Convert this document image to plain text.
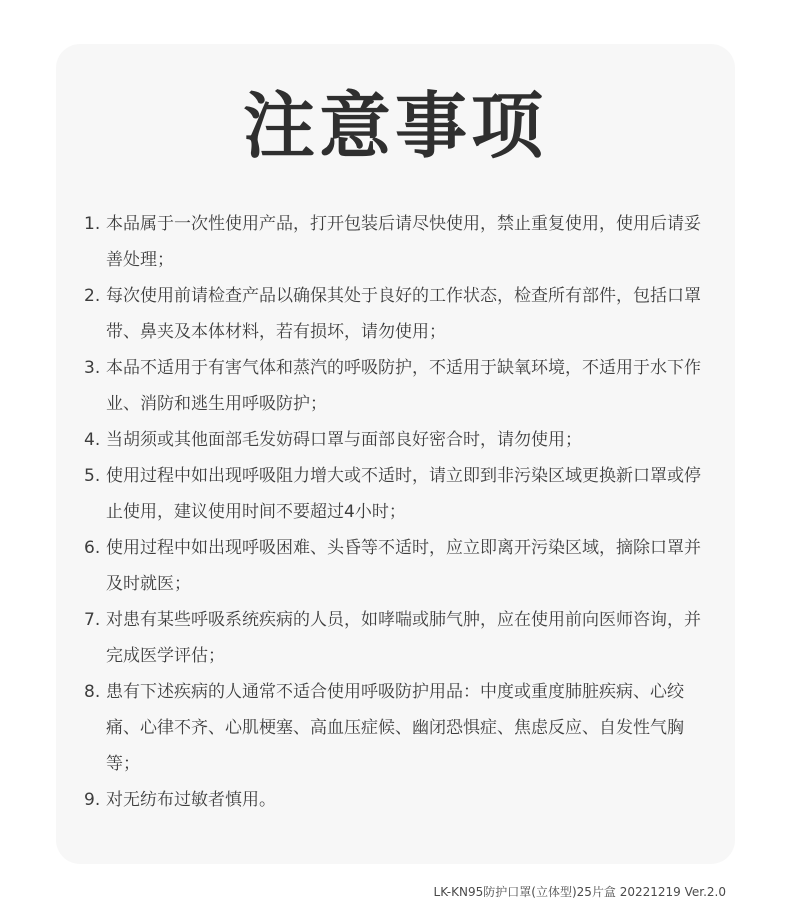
注意事项
1. 本品属于一次性使用产品，打开包装后请尽快使用，禁止重复使用，使用后请妥善处理；
2. 每次使用前请检查产品以确保其处于良好的工作状态，检查所有部件，包括口罩带、鼻夹及本体材料，若有损坏，请勿使用；
3. 本品不适用于有害气体和蒸汽的呼吸防护，不适用于缺氧环境，不适用于水下作业、消防和逃生用呼吸防护；
4. 当胡须或其他面部毛发妨碍口罩与面部良好密合时，请勿使用；
5. 使用过程中如出现呼吸阻力增大或不适时，请立即到非污染区域更换新口罩或停止使用，建议使用时间不要超过4小时；
6. 使用过程中如出现呼吸困难、头昏等不适时，应立即离开污染区域，摘除口罩并及时就医；
7. 对患有某些呼吸系统疾病的人员，如哮喘或肺气肿，应在使用前向医师咨询，并完成医学评估；
8. 患有下述疾病的人通常不适合使用呼吸防护用品：中度或重度肺脏疾病、心绞痛、心律不齐、心肌梗塞、高血压症候、幽闭恐惧症、焦虑反应、自发性气胸等；
9. 对无纺布过敏者慎用。
LK-KN95防护口罩(立体型)25片盒 20221219 Ver.2.0
